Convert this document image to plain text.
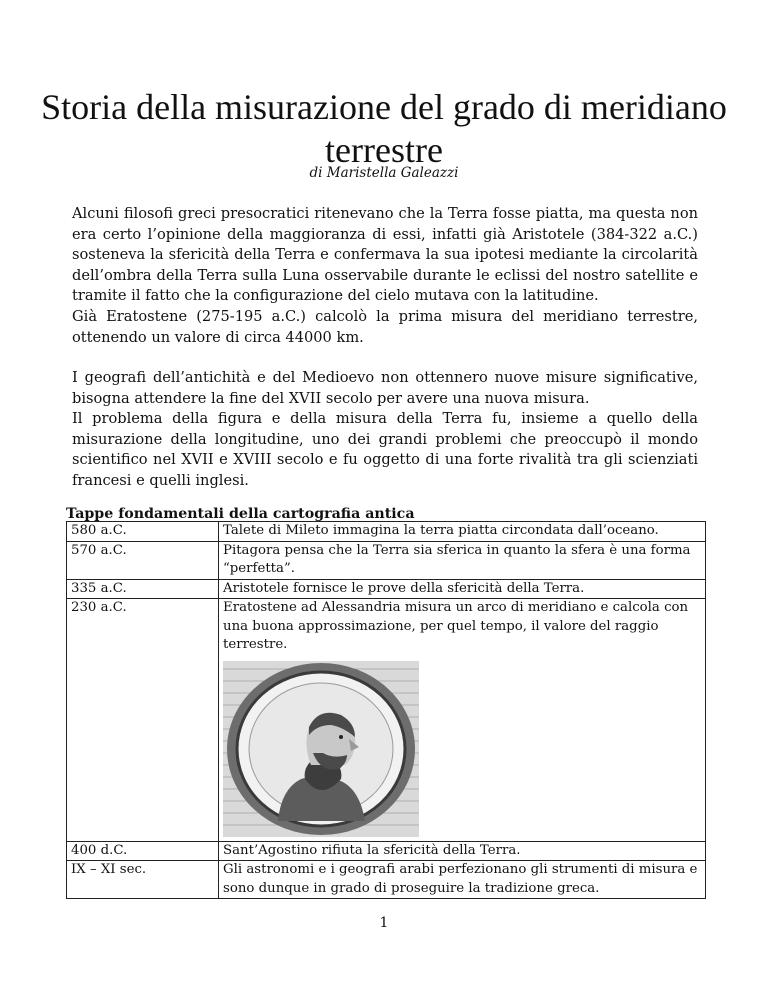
Storia della misurazione del grado di meridiano terrestre
di Maristella Galeazzi
Alcuni filosofi greci presocratici ritenevano che la Terra fosse piatta, ma questa non era certo l’opinione della maggioranza di essi, infatti già Aristotele (384-322 a.C.) sosteneva la sfericità della Terra e confermava la sua ipotesi mediante la circolarità dell’ombra della Terra sulla Luna osservabile durante le eclissi del nostro satellite e tramite il fatto che la configurazione del cielo mutava con la latitudine.
Già Eratostene (275-195 a.C.) calcolò la prima misura del meridiano terrestre, ottenendo un valore di circa 44000 km.
I geografi dell’antichità e del Medioevo non ottennero nuove misure significative, bisogna attendere la fine del XVII secolo per avere una nuova misura.
Il problema della figura e della misura della Terra fu, insieme a quello della misurazione della longitudine, uno dei grandi problemi che preoccupò il mondo scientifico nel XVII e XVIII secolo e fu oggetto di una forte rivalità tra gli scienziati francesi e quelli inglesi.
Tappe fondamentali della cartografia antica
580 a.C.	Talete di Mileto immagina la terra piatta circondata dall’oceano.
570 a.C.	Pitagora pensa che la Terra sia sferica in quanto la sfera è una forma “perfetta”.
335 a.C.	Aristotele fornisce le prove della sfericità della Terra.
230 a.C.	Eratostene ad Alessandria misura un arco di meridiano e calcola con una buona approssimazione, per quel tempo, il valore del raggio terrestre.

400 d.C.	Sant’Agostino rifiuta la sfericità della Terra.
IX – XI sec.	Gli astronomi e i geografi arabi perfezionano gli strumenti di misura e sono dunque in grado di proseguire la tradizione greca.
1
